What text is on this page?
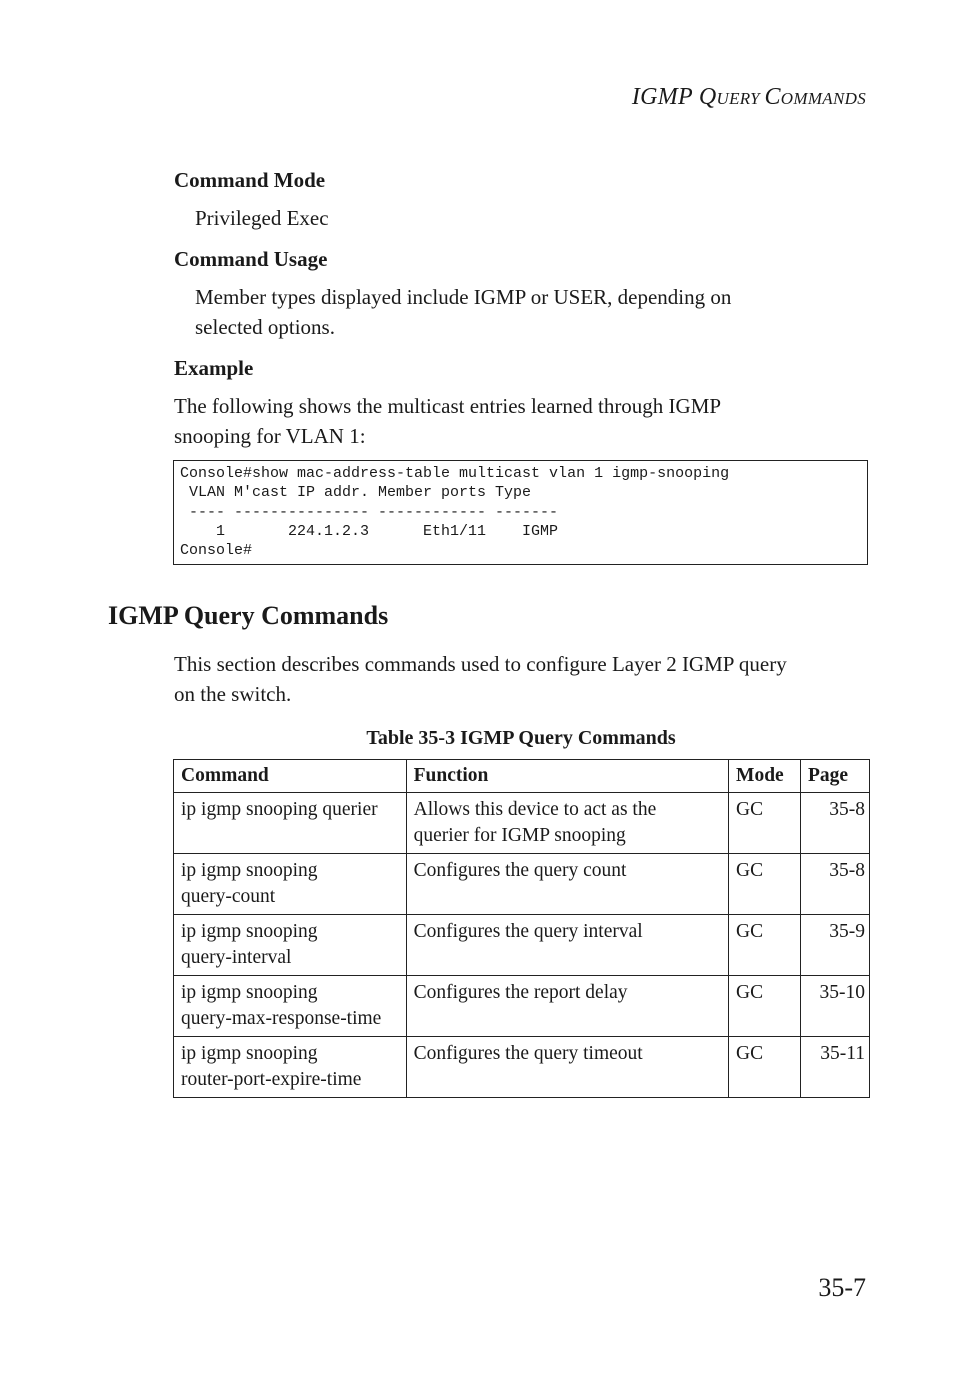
IGMP QUERY COMMANDS
Command Mode
Privileged Exec
Command Usage
Member types displayed include IGMP or USER, depending on
selected options.
Example
The following shows the multicast entries learned through IGMP
snooping for VLAN 1:
Console#show mac-address-table multicast vlan 1 igmp-snooping
VLAN M'cast IP addr. Member ports Type
---- --------------- ------------ -------
1       224.1.2.3      Eth1/11    IGMP
Console#
IGMP Query Commands
This section describes commands used to configure Layer 2 IGMP query
on the switch.
Table 35-3 IGMP Query Commands
Command	Function	Mode	Page

ip igmp snooping querier	Allows this device to act as the
querier for IGMP snooping	GC	35-8

ip igmp snooping
query-count	Configures the query count	GC	35-8

ip igmp snooping
query-interval	Configures the query interval	GC	35-9

ip igmp snooping
query-max-response-time	Configures the report delay	GC	35-10

ip igmp snooping
router-port-expire-time	Configures the query timeout	GC	35-11
35-7
